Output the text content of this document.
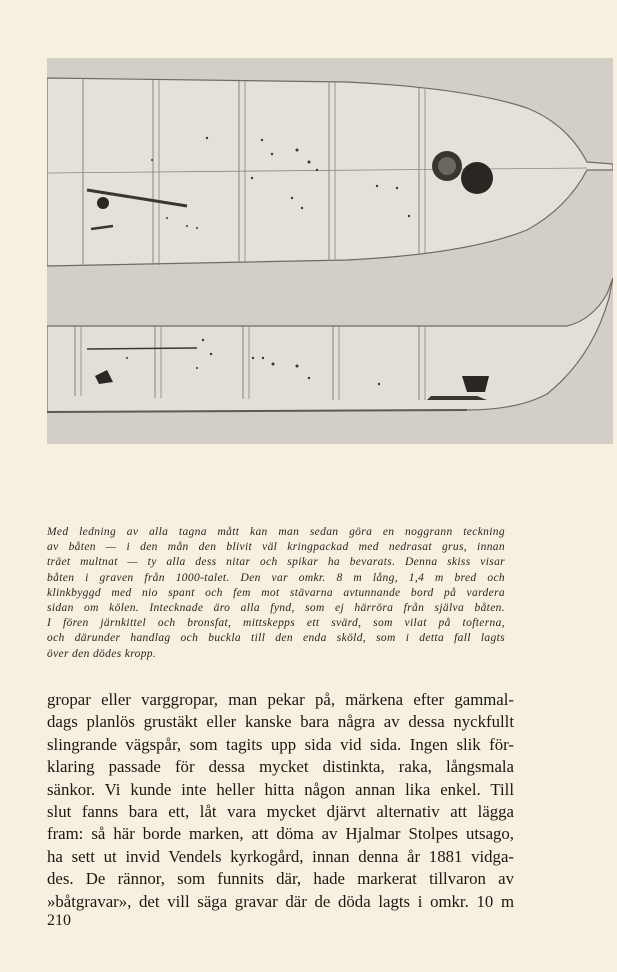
Med ledning av alla tagna mått kan man sedan göra en noggrann teckning
av båten — i den mån den blivit väl kringpackad med nedrasat grus, innan
träet multnat — ty alla dess nitar och spikar ha bevarats. Denna skiss visar
båten i graven från 1000-talet. Den var omkr. 8 m lång, 1,4 m bred och
klinkbyggd med nio spant och fem mot stävarna avtunnande bord på vardera
sidan om kölen. Intecknade äro alla fynd, som ej härröra från själva båten.
I fören järnkittel och bronsfat, mittskepps ett svärd, som vilat på tofterna,
och därunder handlag och buckla till den enda sköld, som i detta fall lagts
över den dödes kropp.

gropar eller varggropar, man pekar på, märkena efter gammal-
dags planlös grustäkt eller kanske bara några av dessa nyckfullt
slingrande vägspår, som tagits upp sida vid sida. Ingen slik för-
klaring passade för dessa mycket distinkta, raka, långsmala
sänkor. Vi kunde inte heller hitta någon annan lika enkel. Till
slut fanns bara ett, låt vara mycket djärvt alternativ att lägga
fram: så här borde marken, att döma av Hjalmar Stolpes utsago,
ha sett ut invid Vendels kyrkogård, innan denna år 1881 vidga-
des. De rännor, som funnits där, hade markerat tillvaron av
»båtgravar», det vill säga gravar där de döda lagts i omkr. 10 m

210
